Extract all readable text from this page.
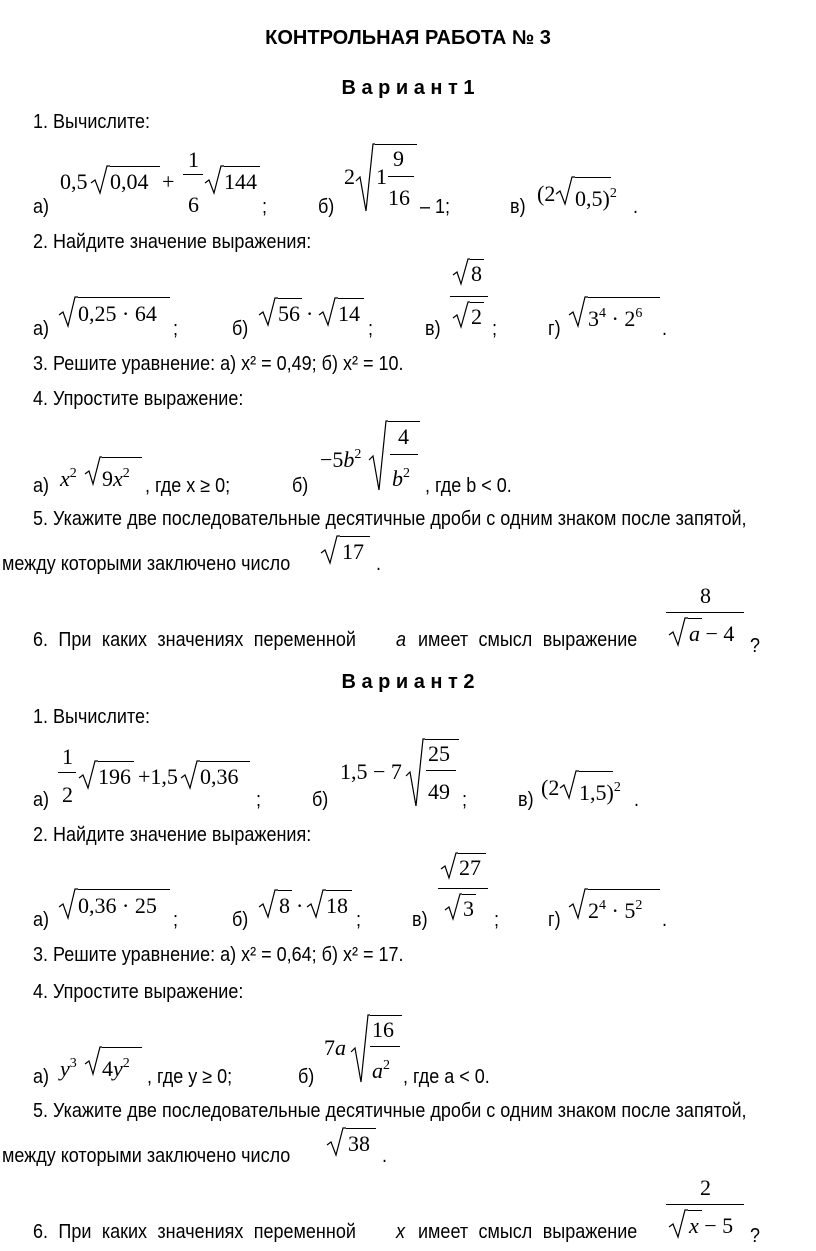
КОНТРОЛЬНАЯ РАБОТА № 3
В а р и а н т 1
1. Вычислите:
а)
0,5 0,04 +
1
6
144
;	б)
2 1
9
16 – 1;	в)
(2 0,5)$^2$
.
2. Найдите значение выражения:
а)
0,25 · 64
;	б)
56 · 14
;	в)
8
2 ;	г) $3^4 \cdot 2^6$
.
3. Решите уравнение: а) x² = 0,49; б) x² = 10.
4. Упростите выражение:
а) $x^2$ $9x^2$
, где x ≥ 0;	б)
$-5b^2$
4
$b^2$
, где b < 0.
5. Укажите две последовательные десятичные дроби с одним знаком после запятой,
между которыми заключено число 17 .
6. При каких значениях переменной a имеет смысл выражение
8
a − 4 ?
В а р и а н т 2
1. Вычислите:
а)
1
2
196 +1,5 0,36
;	б)
1,5 − 7
25
49 ;	в) (2 1,5)$^2$
.
2. Найдите значение выражения:
а)
0,36 · 25
;	б)
8 · 18
;	в)
27
3 ; г) $2^4 \cdot 5^2$
.
3. Решите уравнение: а) x² = 0,64; б) x² = 17.
4. Упростите выражение:
а) $y^3$ $4y^2$
, где y ≥ 0;	б)
7a
16
$a^2$
, где a < 0.
5. Укажите две последовательные десятичные дроби с одним знаком после запятой,
между которыми заключено число	38 .
6. При каких значениях переменной x имеет смысл выражение
2
x − 5 ?
